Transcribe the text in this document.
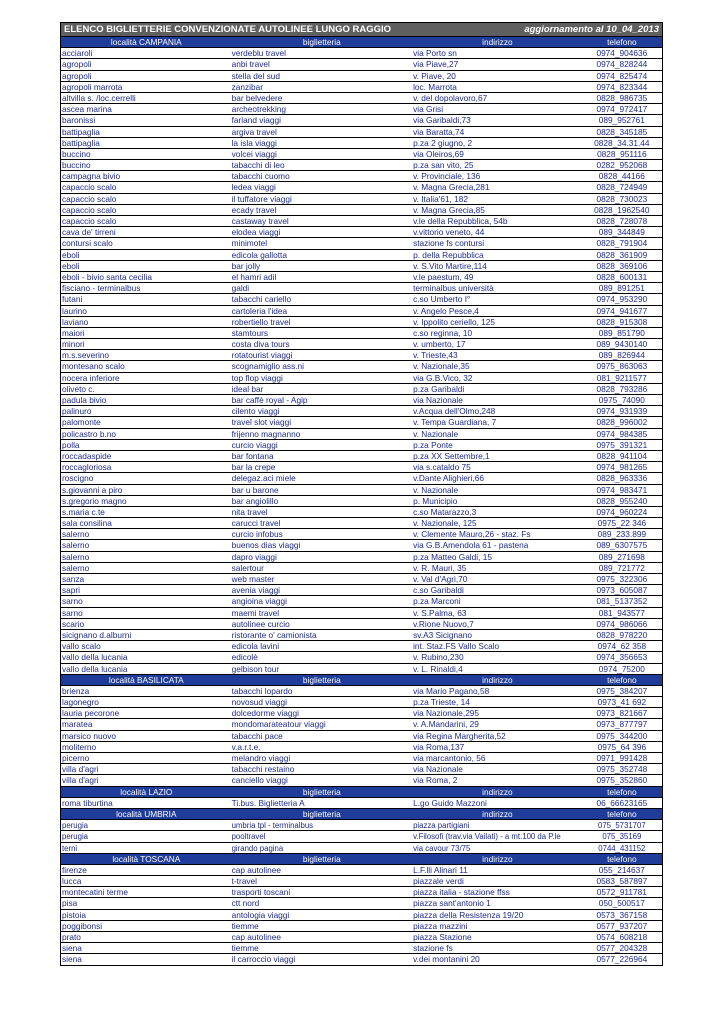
ELENCO BIGLIETTERIE CONVENZIONATE AUTOLINEE LUNGO RAGGIO	aggiornamento al 10_04_2013
località CAMPANIA	biglietteria	indirizzo	telefono
acciaroli	verdeblu travel	via Porto sn	0974_904636
agropoli	anbi travel	via Piave,27	0974_828244
agropoli	stella del sud	v. Piave, 20	0974_825474
agropoli marrota	zanzibar	loc. Marrota	0974_823344
altvilla s. /loc.cerrelli	bar belvedere	v. del dopolavoro,67	0828_986735
ascea marina	archeotrekking	via Grisi	0974_972417
baronissi	farland viaggi	via Garibaldi,73	089_952761
battipaglia	argiva travel	via Baratta,74	0828_345185
battipaglia	la isla viaggi	p.za 2 giugno, 2	0828_34.31.44
buccino	volcei viaggi	via Oleiros,69	0828_951116
buccino	tabacchi di leo	p.za san vito, 25	0282_952068
campagna bivio	tabacchi cuomo	v. Provinciale, 136	0828_44166
capaccio scalo	ledea viaggi	v. Magna Grecia,281	0828_724949
capaccio scalo	il tuffatore viaggi	v. Italia'61, 182	0828_730023
capaccio scalo	ecady travel	v. Magna Grecia,85	0828_1962540
capaccio scalo	castaway travel	v.le della Repubblica, 54b	0828_728078
cava de' tirreni	elodea viaggi	v.vittorio veneto, 44	089_344849
contursi scalo	minimotel	stazione fs contursi	0828_791904
eboli	edicola gallotta	p. della Repubblica	0828_361909
eboli	bar jolly	v. S.Vito Martire,114	0828_369106
eboli - bivio santa cecilia	el hamri adil	v.le paestum, 49	0828_600131
fisciano - terminalbus	galdi	terminalbus università	089_891251
futani	tabacchi cariello	c.so Umberto I°	0974_953290
laurino	cartoleria l'idea	v. Angelo Pesce,4	0974_941677
laviano	robertiello travel	v. Ippolito ceriello, 125	0828_915308
maiori	stamtours	c.so reginna, 10	089_851790
minori	costa diva tours	v. umberto, 17	089_9430140
m.s.severino	rotatourist viaggi	v. Trieste,43	089_826944
montesano scalo	scognamiglio ass.ni	v. Nazionale,35	0975_863063
nocera inferiore	top flop viaggi	via G.B.Vico, 32	081_9211577
oliveto c.	ideal bar	p.za Garibaldi	0828_793286
padula bivio	bar caffè royal - Agip	via Nazionale	0975_74090
palinuro	cilento viaggi	v.Acqua dell'Olmo,248	0974_931939
palomonte	travel slot viaggi	v. Tempa Guardiana, 7	0828_996002
policastro b.no	frijenno magnanno	v. Nazionale	0974_984385
polla	curcio viaggi	p.za Ponte	0975_391321
roccadaspide	bar fontana	p.za XX Settembre,1	0828_941104
roccagloriosa	bar la crepe	via s.cataldo 75	0974_981265
roscigno	delegaz.aci miele	v.Dante Alighieri,66	0828_963336
s.giovanni a piro	bar u barone	v. Nazionale	0974_983471
s.gregorio magno	bar angiolillo	p. Municipio	0828_955240
s.maria c.te	nita travel	c.so Matarazzo,3	0974_960224
sala consilina	carucci travel	v. Nazionale, 125	0975_22 346
salerno	curcio infobus	v. Clemente Mauro,26 - staz. Fs	089_233.899
salerno	buenos dias viaggi	via G.B.Amendola 61 - pastena	089_6307575
salerno	dapro viaggi	p.za Matteo Galdi, 15	089_271698
salerno	salertour	v. R. Mauri, 35	089_721772
sanza	web master	v. Val d'Agri,70	0975_322306
sapri	avenia viaggi	c.so Garibaldi	0973_605087
sarno	angioina viaggi	p.za Marconi	081_5137352
sarno	maemi travel	v. S.Palma, 63	081_943577
scario	autolinee curcio	v.Rione Nuovo,7	0974_986066
sicignano d.alburni	ristorante o' camionista	sv.A3 Sicignano	0828_978220
vallo scalo	edicola lavini	int. Staz.FS Vallo Scalo	0974_62 358
vallo della lucania	edicolè	v. Rubino,230	0974_356653
vallo della lucania	gelbison tour	v. L. Rinaldi,4	0974_75200
località BASILICATA	biglietteria	indirizzo	telefono
brienza	tabacchi lopardo	via Mario Pagano,58	0975_384207
lagonegro	novosud viaggi	p.za Trieste, 14	0973_41 692
lauria pecorone	dolcedorme viaggi	via Nazionale,295	0973_821667
maratea	mondomarateatour viaggi	v. A.Mandarini, 29	0973_877797
marsico nuovo	tabacchi pace	via Regina Margherita,52	0975_344200
moliterno	v.a.r.t.e.	via Roma,137	0975_64 396
picerno	melandro viaggi	via marcantonio, 56	0971_991428
villa d'agri	tabacchi restaino	via Nazionale	0975_352748
villa d'agri	canciello viaggi	via Roma, 2	0975_352860
località LAZIO	biglietteria	indirizzo	telefono
roma tiburtina	Ti.bus. Biglietteria A	L.go Guido Mazzoni	06_66623165
località UMBRIA	biglietteria	indirizzo	telefono
perugia	umbria tpl - terminalbus	piazza partigiani	075_5731707
perugia	pooltravel	v.Filosofi (trav.via Vailati) - a mt.100 da P.le	075_35169
terni	girando pagina	via cavour 73/75	0744_431152
località TOSCANA	biglietteria	indirizzo	telefono
firenze	cap autolinee	L.F.lli Alinari 11	055_214637
lucca	t-travel	piazzale verdi	0583_587897
montecatini terme	trasporti toscani	piazza italia - stazione ffss	0572_911781
pisa	ctt nord	piazza sant'antonio 1	050_500517
pistoia	antologia viaggi	piazza della Resistenza 19/20	0573_367158
poggibonsi	tiemme	piazza mazzini	0577_937207
prato	cap autolinee	piazza Stazione	0574_608218
siena	tiemme	stazione fs	0577_204328
siena	il carroccio viaggi	v.dei montanini 20	0577_226964
